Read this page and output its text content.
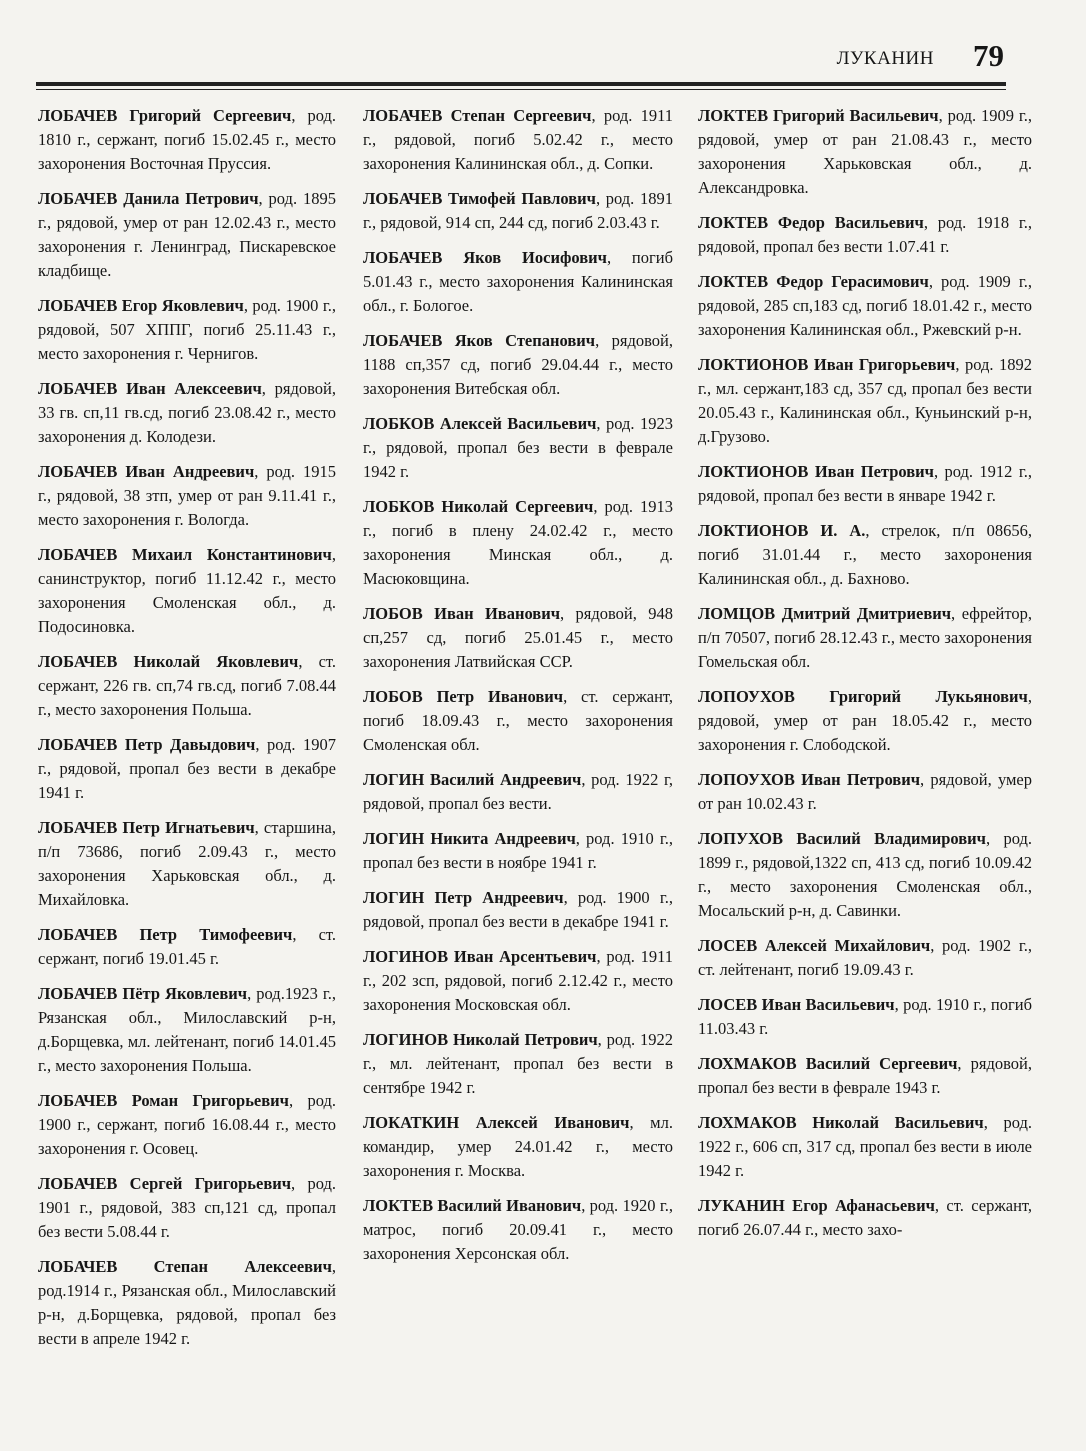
ЛУКАНИН 79

ЛОБАЧЕВ Григорий Сергеевич, род. 1810 г., сержант, погиб 15.02.45 г., место захоронения Восточная Пруссия.

ЛОБАЧЕВ Данила Петрович, род. 1895 г., рядовой, умер от ран 12.02.43 г., место захоронения г. Ленинград, Пискаревское кладбище.

ЛОБАЧЕВ Егор Яковлевич, род. 1900 г., рядовой, 507 ХППГ, погиб 25.11.43 г., место захоронения г. Чернигов.

ЛОБАЧЕВ Иван Алексеевич, рядовой, 33 гв. сп,11 гв.сд, погиб 23.08.42 г., место захоронения д. Колодези.

ЛОБАЧЕВ Иван Андреевич, род. 1915 г., рядовой, 38 зтп, умер от ран 9.11.41 г., место захоронения г. Вологда.

ЛОБАЧЕВ Михаил Константинович, санинструктор, погиб 11.12.42 г., место захоронения Смоленская обл., д. Подосиновка.

ЛОБАЧЕВ Николай Яковлевич, ст. сержант, 226 гв. сп,74 гв.сд, погиб 7.08.44 г., место захоронения Польша.

ЛОБАЧЕВ Петр Давыдович, род. 1907 г., рядовой, пропал без вести в декабре 1941 г.

ЛОБАЧЕВ Петр Игнатьевич, старшина, п/п 73686, погиб 2.09.43 г., место захоронения Харьковская обл., д. Михайловка.

ЛОБАЧЕВ Петр Тимофеевич, ст. сержант, погиб 19.01.45 г.

ЛОБАЧЕВ Пётр Яковлевич, род.1923 г., Рязанская обл., Милославский р-н, д.Борщевка, мл. лейтенант, погиб 14.01.45 г., место захоронения Польша.

ЛОБАЧЕВ Роман Григорьевич, род. 1900 г., сержант, погиб 16.08.44 г., место захоронения г. Осовец.

ЛОБАЧЕВ Сергей Григорьевич, род. 1901 г., рядовой, 383 сп,121 сд, пропал без вести 5.08.44 г.

ЛОБАЧЕВ Степан Алексеевич, род.1914 г., Рязанская обл., Милославский р-н, д.Борщевка, рядовой, пропал без вести в апреле 1942 г.

ЛОБАЧЕВ Степан Сергеевич, род. 1911 г., рядовой, погиб 5.02.42 г., место захоронения Калининская обл., д. Сопки.

ЛОБАЧЕВ Тимофей Павлович, род. 1891 г., рядовой, 914 сп, 244 сд, погиб 2.03.43 г.

ЛОБАЧЕВ Яков Иосифович, погиб 5.01.43 г., место захоронения Калининская обл., г. Бологое.

ЛОБАЧЕВ Яков Степанович, рядовой, 1188 сп,357 сд, погиб 29.04.44 г., место захоронения Витебская обл.

ЛОБКОВ Алексей Васильевич, род. 1923 г., рядовой, пропал без вести в феврале 1942 г.

ЛОБКОВ Николай Сергеевич, род. 1913 г., погиб в плену 24.02.42 г., место захоронения Минская обл., д. Масюковщина.

ЛОБОВ Иван Иванович, рядовой, 948 сп,257 сд, погиб 25.01.45 г., место захоронения Латвийская ССР.

ЛОБОВ Петр Иванович, ст. сержант, погиб 18.09.43 г., место захоронения Смоленская обл.

ЛОГИН Василий Андреевич, род. 1922 г, рядовой, пропал без вести.

ЛОГИН Никита Андреевич, род. 1910 г., пропал без вести в ноябре 1941 г.

ЛОГИН Петр Андреевич, род. 1900 г., рядовой, пропал без вести в декабре 1941 г.

ЛОГИНОВ Иван Арсентьевич, род. 1911 г., 202 зсп, рядовой, погиб 2.12.42 г., место захоронения Московская обл.

ЛОГИНОВ Николай Петрович, род. 1922 г., мл. лейтенант, пропал без вести в сентябре 1942 г.

ЛОКАТКИН Алексей Иванович, мл. командир, умер 24.01.42 г., место захоронения г. Москва.

ЛОКТЕВ Василий Иванович, род. 1920 г., матрос, погиб 20.09.41 г., место захоронения Херсонская обл.

ЛОКТЕВ Григорий Васильевич, род. 1909 г., рядовой, умер от ран 21.08.43 г., место захоронения Харьковская обл., д. Александровка.

ЛОКТЕВ Федор Васильевич, род. 1918 г., рядовой, пропал без вести 1.07.41 г.

ЛОКТЕВ Федор Герасимович, род. 1909 г., рядовой, 285 сп,183 сд, погиб 18.01.42 г., место захоронения Калининская обл., Ржевский р-н.

ЛОКТИОНОВ Иван Григорьевич, род. 1892 г., мл. сержант,183 сд, 357 сд, пропал без вести 20.05.43 г., Калининская обл., Куньинский р-н, д.Грузово.

ЛОКТИОНОВ Иван Петрович, род. 1912 г., рядовой, пропал без вести в январе 1942 г.

ЛОКТИОНОВ И. А., стрелок, п/п 08656, погиб 31.01.44 г., место захоронения Калининская обл., д. Бахново.

ЛОМЦОВ Дмитрий Дмитриевич, ефрейтор, п/п 70507, погиб 28.12.43 г., место захоронения Гомельская обл.

ЛОПОУХОВ Григорий Лукьянович, рядовой, умер от ран 18.05.42 г., место захоронения г. Слободской.

ЛОПОУХОВ Иван Петрович, рядовой, умер от ран 10.02.43 г.

ЛОПУХОВ Василий Владимирович, род. 1899 г., рядовой,1322 сп, 413 сд, погиб 10.09.42 г., место захоронения Смоленская обл., Мосальский р-н, д. Савинки.

ЛОСЕВ Алексей Михайлович, род. 1902 г., ст. лейтенант, погиб 19.09.43 г.

ЛОСЕВ Иван Васильевич, род. 1910 г., погиб 11.03.43 г.

ЛОХМАКОВ Василий Сергеевич, рядовой, пропал без вести в феврале 1943 г.

ЛОХМАКОВ Николай Васильевич, род. 1922 г., 606 сп, 317 сд, пропал без вести в июле 1942 г.

ЛУКАНИН Егор Афанасьевич, ст. сержант, погиб 26.07.44 г., место захо-
